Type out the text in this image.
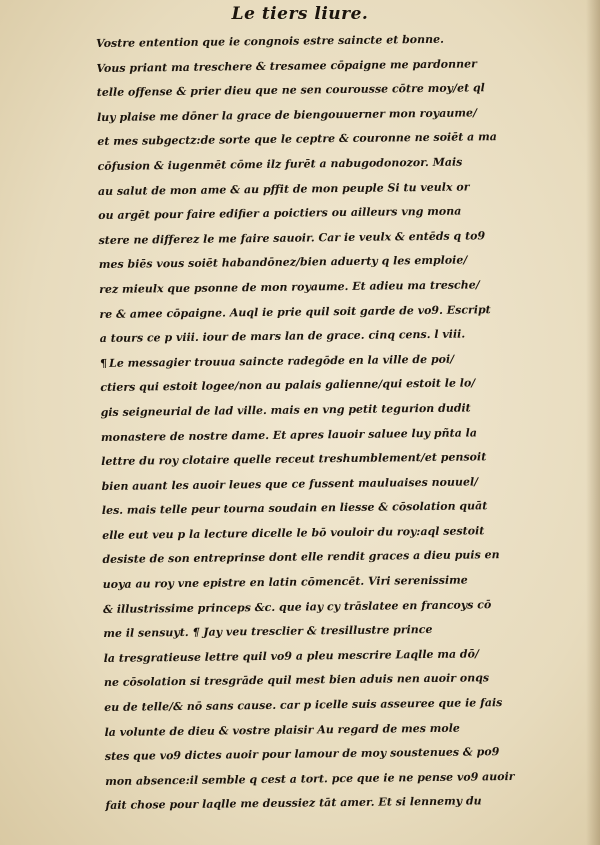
Le tiers liure.
Vostre entention que ie congnois estre saincte et bonne.
Vous priant ma treschere & tresamee cōpaigne me pardonner
telle offense & prier dieu que ne sen courousse cōtre moy/et ql
luy plaise me dōner la grace de biengouuerner mon royaume/
et mes subgectz:de sorte que le ceptre & couronne ne soiēt a ma
cōfusion & iugenmēt cōme ilz furēt a nabugodonozor. Mais
au salut de mon ame & au pffit de mon peuple Si tu veulx or
ou argēt pour faire edifier a poictiers ou ailleurs vng mona
stere ne differez le me faire sauoir. Car ie veulx & entēds q to9
mes biēs vous soiēt habandōnez/bien aduerty q les emploie/
rez mieulx que psonne de mon royaume. Et adieu ma tresche/
re & amee cōpaigne. Auql ie prie quil soit garde de vo9. Escript
a tours ce p viii. iour de mars lan de grace. cinq cens. l viii.
¶ Le messagier trouua saincte radegōde en la ville de poi/
ctiers qui estoit logee/non au palais galienne/qui estoit le lo/
gis seigneurial de lad ville. mais en vng petit tegurion dudit
monastere de nostre dame. Et apres lauoir saluee luy pñta la
lettre du roy clotaire quelle receut treshumblement/et pensoit
bien auant les auoir leues que ce fussent mauluaises nouuel/
les. mais telle peur tourna soudain en liesse & cōsolation quāt
elle eut veu p la lecture dicelle le bō vouloir du roy:aql sestoit
desiste de son entreprinse dont elle rendit graces a dieu puis en
uoya au roy vne epistre en latin cōmencēt. Viri serenissime
& illustrissime princeps &c. que iay cy trāslatee en francoys cō
me il sensuyt. ¶ Jay veu tresclier & tresillustre prince
la tresgratieuse lettre quil vo9 a pleu mescrire Laqlle ma dō/
ne cōsolation si tresgrāde quil mest bien aduis nen auoir onqs
eu de telle/& nō sans cause. car p icelle suis asseuree que ie fais
la volunte de dieu & vostre plaisir Au regard de mes mole
stes que vo9 dictes auoir pour lamour de moy soustenues & po9
mon absence:il semble q cest a tort. pce que ie ne pense vo9 auoir
fait chose pour laqlle me deussiez tāt amer. Et si lennemy du
